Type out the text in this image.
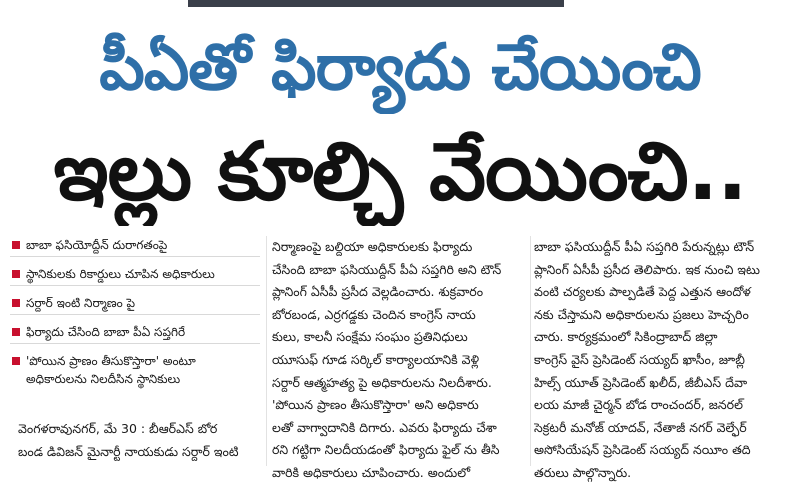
పీఏతో ఫిర్యాదు చేయించి
ఇల్లు కూల్చి వేయించి..
బాబా ఫసియోద్దీన్ దురాగతంపై
స్థానికులకు రికార్డులు చూపిన అధికారులు
సర్దార్ ఇంటి నిర్మాణం పై
ఫిర్యాదు చేసింది బాబా పీఏ సప్తగిరే
'పోయిన ప్రాణం తీసుకొస్తారా' అంటూ అధికారులను నిలదీసిన స్థానికులు
వెంగళరావునగర్, మే 30 : బీఆర్ఎస్ బోర
బండ డివిజన్ మైనార్టీ నాయకుడు సర్దార్ ఇంటి
నిర్మాణంపై బల్దియా అధికారులకు ఫిర్యాదు
చేసింది బాబా ఫసియుద్దీన్ పీఏ సప్తగిరి అని టౌన్
ప్లానింగ్ ఏసీపీ ప్రసీద వెల్లడించారు. శుక్రవారం
బోరబండ, ఎర్రగడ్డకు చెందిన కాంగ్రెస్ నాయ
కులు, కాలనీ సంక్షేమ సంఘం ప్రతినిధులు
యూసుఫ్ గూడ సర్కిల్ కార్యాలయానికి వెళ్లి
సర్దార్ ఆత్మహత్య పై అధికారులను నిలదీశారు.
'పోయిన ప్రాణం తీసుకొస్తారా' అని అధికారు
లతో వాగ్వాదానికి దిగారు. ఎవరు ఫిర్యాదు చేశా
రని గట్టిగా నిలదీయడంతో ఫిర్యాదు ఫైల్ ను తీసి
వారికి అధికారులు చూపించారు. అందులో
బాబా ఫసియుద్దీన్ పీఏ సప్తగిరి పేరున్నట్లు టౌన్
ప్లానింగ్ ఏసీపీ ప్రసీద తెలిపారు. ఇక నుంచి ఇటు
వంటి చర్యలకు పాల్పడితే పెద్ద ఎత్తున ఆందోళ
నకు చేస్తామని అధికారులను ప్రజలు హెచ్చరిం
చారు. కార్యక్రమంలో సికింద్రాబాద్ జిల్లా
కాంగ్రెస్ వైస్ ప్రెసిడెంట్ సయ్యద్ ఖాసీం, జూబ్లీ
హిల్స్ యూత్ ప్రెసిడెంట్ ఖలీద్, జీబీఎస్ దేవా
లయ మాజీ చైర్మన్ బోడ రాంచందర్, జనరల్
సెక్రటరీ మనోజ్ యాదవ్, నేతాజీ నగర్ వెల్ఫేర్
అసోసియేషన్ ప్రెసిడెంట్ సయ్యద్ నయీం తది
తరులు పాల్గొన్నారు.
